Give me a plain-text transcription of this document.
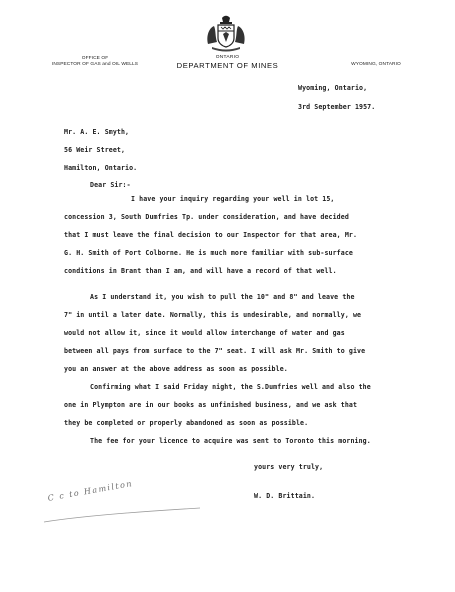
OFFICE OF
INSPECTOR OF GAS and OIL WELLS
ONTARIO
DEPARTMENT OF MINES	WYOMING, ONTARIO
Wyoming, Ontario,
3rd September 1957.
Mr. A. E. Smyth,
56 Weir Street,
Hamilton, Ontario.
Dear Sir:-
I have your inquiry regarding your well in lot 15,
concession 3, South Dumfries Tp. under consideration, and have decided
that I must leave the final decision to our Inspector for that area, Mr.
G. H. Smith of Port Colborne. He is much more familiar with sub-surface
conditions in Brant than I am, and will have a record of that well.
As I understand it, you wish to pull the 10" and 8" and leave the
7" in until a later date. Normally, this is undesirable, and normally, we
would not allow it, since it would allow interchange of water and gas
between all pays from surface to the 7" seat. I will ask Mr. Smith to give
you an answer at the above address as soon as possible.
Confirming what I said Friday night, the S.Dumfries well and also the
one in Plympton are in our books as unfinished business, and we ask that
they be completed or properly abandoned as soon as possible.
The fee for your licence to acquire was sent to Toronto this morning.
yours very truly,
W. D. Brittain.
C c to Hamilton
